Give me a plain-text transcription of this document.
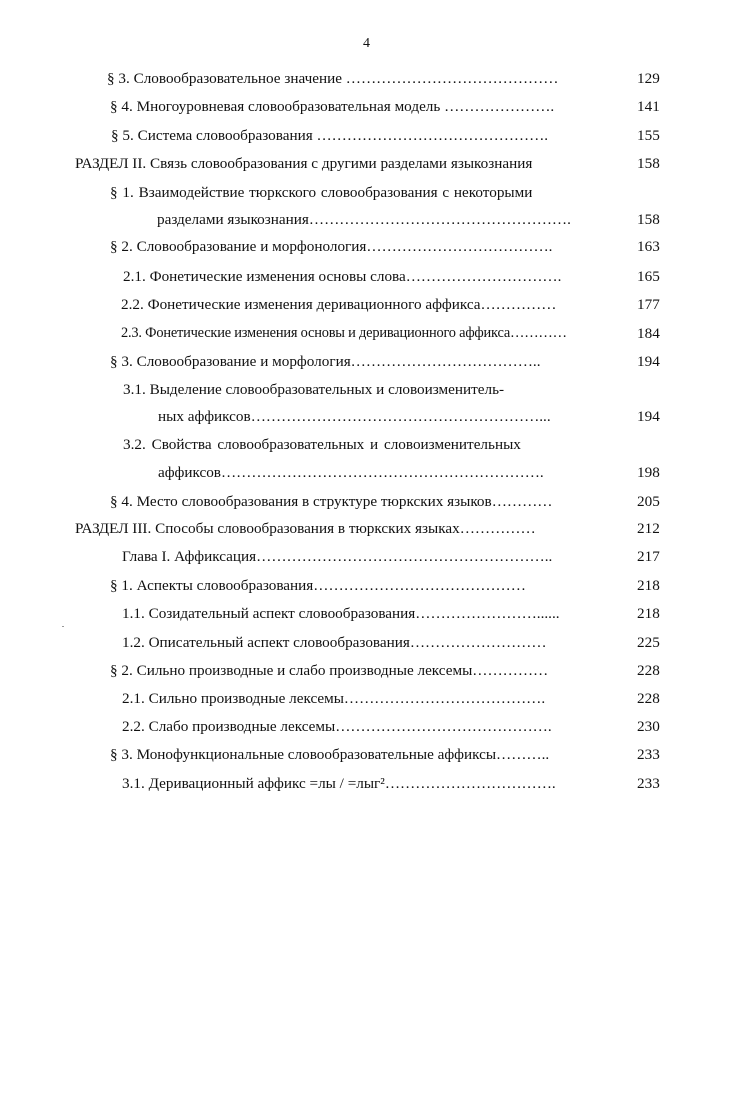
4
§ 3. Словообразовательное значение ……………………………………	129
§ 4. Многоуровневая словообразовательная модель ………………….	141
§ 5. Система словообразования ……………………………………….	155
РАЗДЕЛ II. Связь словообразования с другими разделами языкознания	158
§ 1. Взаимодействие тюркского словообразования с некоторыми
разделами языкознания…………………………………………….	158
§ 2. Словообразование и морфонология……………………………….	163
2.1. Фонетические изменения основы слова………………………….	165
2.2. Фонетические изменения деривационного аффикса……………	177
2.3. Фонетические изменения основы и деривационного аффикса…………	184
§ 3. Словообразование и морфология………………………………..	194
3.1. Выделение словообразовательных и словоизменитель-
ных аффиксов…………………………………………………...	194
3.2. Свойства словообразовательных и словоизменительных
аффиксов……………………………………………………….	198
§ 4. Место словообразования в структуре тюркских языков…………	205
РАЗДЕЛ III. Способы словообразования в тюркских языках……………	212
Глава I. Аффиксация…………………………………………………..	217
§ 1. Аспекты словообразования……………………………………	218
1.1. Созидательный аспект словообразования……………………......	218
1.2. Описательный аспект словообразования………………………	225
§ 2. Сильно производные и слабо производные лексемы……………	228
2.1. Сильно производные лексемы………………………………….	228
2.2. Слабо производные лексемы…………………………………….	230
§ 3. Монофункциональные словообразовательные аффиксы………..	233
3.1. Деривационный аффикс =лы / =лыг²…………………………….	233
